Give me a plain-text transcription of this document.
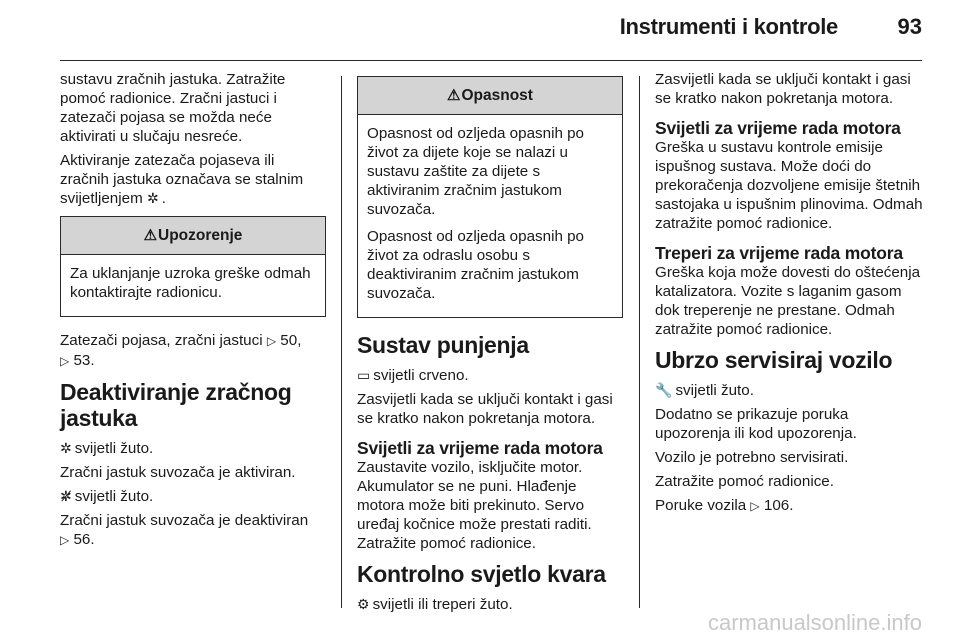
Instrumenti i kontrole	93

sustavu zračnih jastuka. Zatražite pomoć radionice. Zračni jastuci i zatezači pojasa se možda neće aktivirati u slučaju nesreće.

Aktiviranje zatezača pojaseva ili zračnih jastuka označava se stalnim svijetljenjem ✲ .

⚠ Upozorenje

Za uklanjanje uzroka greške odmah kontaktirajte radionicu.

Zatezači pojasa, zračni jastuci ▷ 50,
▷ 53.

Deaktiviranje zračnog jastuka

✲ svijetli žuto.

Zračni jastuk suvozača je aktiviran.

✲̸ svijetli žuto.

Zračni jastuk suvozača je deaktiviran
▷ 56.

⚠ Opasnost

Opasnost od ozljeda opasnih po život za dijete koje se nalazi u sustavu zaštite za dijete s aktiviranim zračnim jastukom suvozača.

Opasnost od ozljeda opasnih po život za odraslu osobu s deaktiviranim zračnim jastukom suvozača.

Sustav punjenja

▭ svijetli crveno.

Zasvijetli kada se uključi kontakt i gasi se kratko nakon pokretanja motora.

Svijetli za vrijeme rada motora

Zaustavite vozilo, isključite motor. Akumulator se ne puni. Hlađenje motora može biti prekinuto. Servo uređaj kočnice može prestati raditi. Zatražite pomoć radionice.

Kontrolno svjetlo kvara

⚙ svijetli ili treperi žuto.

Zasvijetli kada se uključi kontakt i gasi se kratko nakon pokretanja motora.

Svijetli za vrijeme rada motora

Greška u sustavu kontrole emisije ispušnog sustava. Može doći do prekoračenja dozvoljene emisije štetnih sastojaka u ispušnim plinovima. Odmah zatražite pomoć radionice.

Treperi za vrijeme rada motora

Greška koja može dovesti do oštećenja katalizatora. Vozite s laganim gasom dok treperenje ne prestane. Odmah zatražite pomoć radionice.

Ubrzo servisiraj vozilo

🔧 svijetli žuto.

Dodatno se prikazuje poruka upozorenja ili kod upozorenja.

Vozilo je potrebno servisirati.

Zatražite pomoć radionice.

Poruke vozila ▷ 106.

carmanualsonline.info
